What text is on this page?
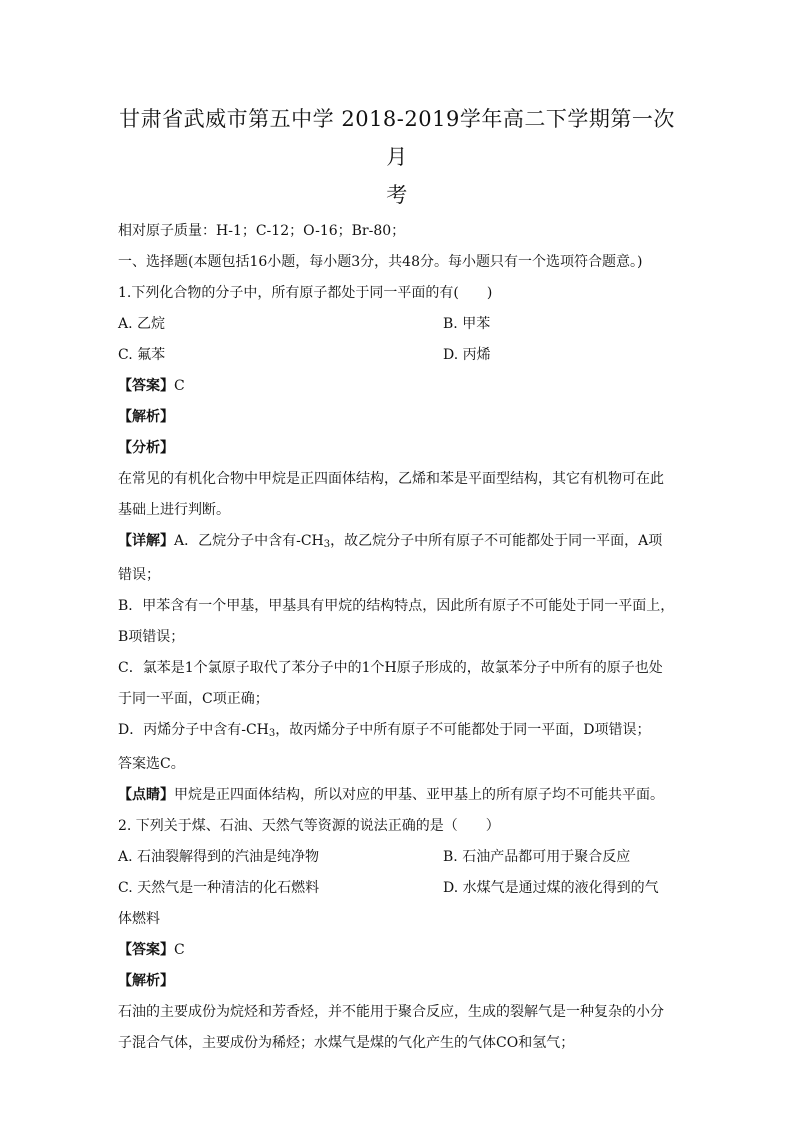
甘肃省武威市第五中学 2018-2019学年高二下学期第一次月
考

相对原子质量：H-1；C-12；O-16；Br-80；

一、选择题(本题包括16小题，每小题3分，共48分。每小题只有一个选项符合题意。)

1.下列化合物的分子中，所有原子都处于同一平面的有(　　)

A. 乙烷	B. 甲苯
C. 氟苯	D. 丙烯

【答案】C

【解析】

【分析】

在常见的有机化合物中甲烷是正四面体结构，乙烯和苯是平面型结构，其它有机物可在此基础上进行判断。

【详解】A．乙烷分子中含有$-CH_3$，故乙烷分子中所有原子不可能都处于同一平面，A项错误；

B．甲苯含有一个甲基，甲基具有甲烷的结构特点，因此所有原子不可能处于同一平面上，B项错误；

C．氯苯是1个氯原子取代了苯分子中的1个H原子形成的，故氯苯分子中所有的原子也处于同一平面，C项正确；

D．丙烯分子中含有$-CH_3$，故丙烯分子中所有原子不可能都处于同一平面，D项错误；

答案选C。

【点睛】甲烷是正四面体结构，所以对应的甲基、亚甲基上的所有原子均不可能共平面。

2. 下列关于煤、石油、天然气等资源的说法正确的是（　　）

A. 石油裂解得到的汽油是纯净物	B. 石油产品都可用于聚合反应
C. 天然气是一种清洁的化石燃料	D. 水煤气是通过煤的液化得到的气

体燃料

【答案】C

【解析】

石油的主要成份为烷烃和芳香烃，并不能用于聚合反应，生成的裂解气是一种复杂的小分子混合气体，主要成份为稀烃；水煤气是煤的气化产生的气体CO和氢气；
